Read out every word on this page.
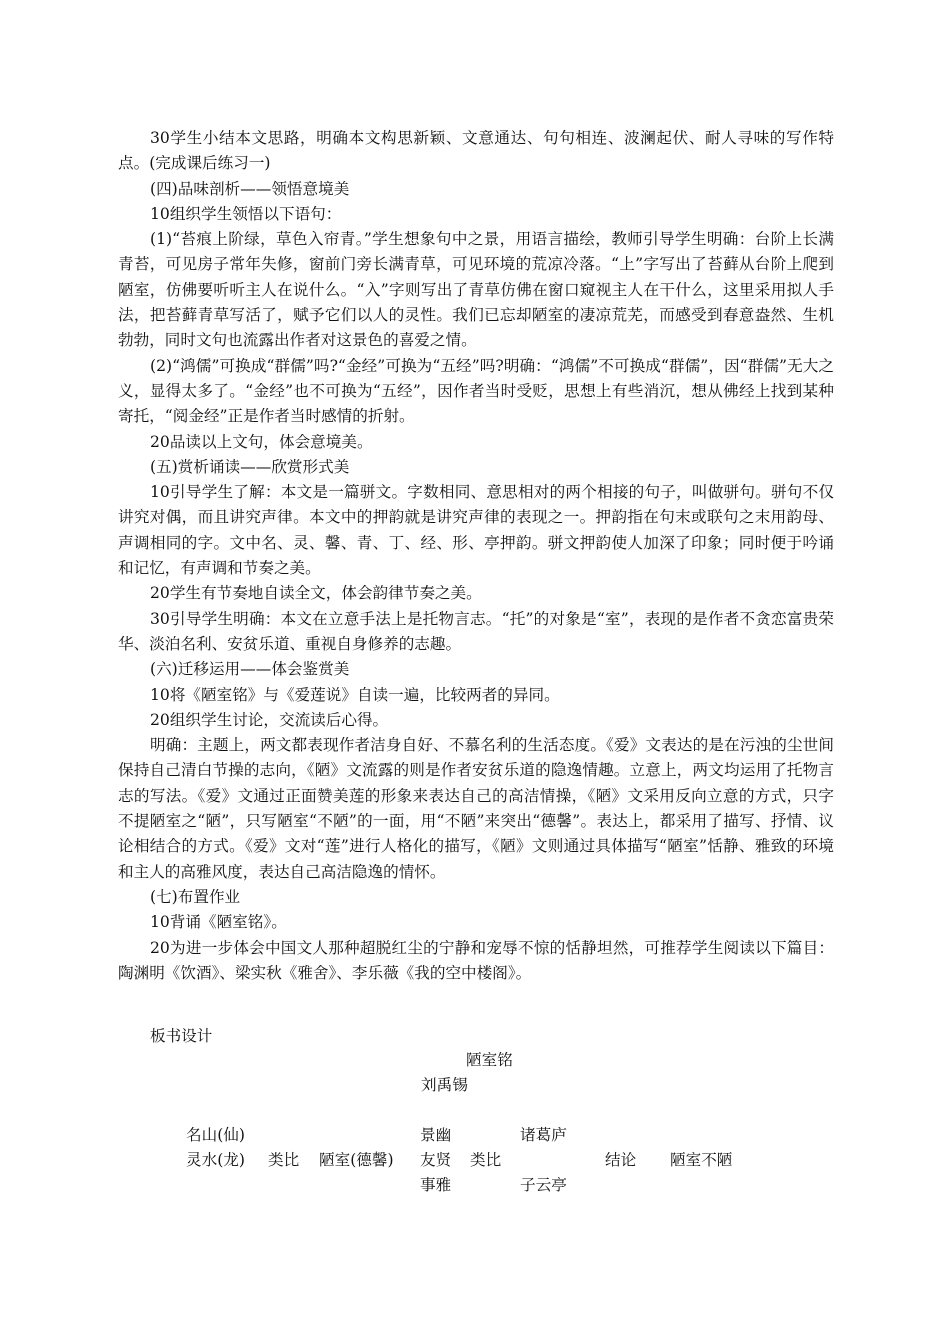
30学生小结本文思路，明确本文构思新颖、文意通达、句句相连、波澜起伏、耐人寻味的写作特点。(完成课后练习一)

(四)品味剖析——领悟意境美

10组织学生领悟以下语句：

(1)“苔痕上阶绿，草色入帘青。”学生想象句中之景，用语言描绘，教师引导学生明确：台阶上长满青苔，可见房子常年失修，窗前门旁长满青草，可见环境的荒凉冷落。“上”字写出了苔藓从台阶上爬到陋室，仿佛要听听主人在说什么。“入”字则写出了青草仿佛在窗口窥视主人在干什么，这里采用拟人手法，把苔藓青草写活了，赋予它们以人的灵性。我们已忘却陋室的凄凉荒芜，而感受到春意盎然、生机勃勃，同时文句也流露出作者对这景色的喜爱之情。

(2)“鸿儒”可换成“群儒”吗?“金经”可换为“五经”吗?明确：“鸿儒”不可换成“群儒”，因“群儒”无大之义，显得太多了。“金经”也不可换为“五经”，因作者当时受贬，思想上有些消沉，想从佛经上找到某种寄托，“阅金经”正是作者当时感情的折射。

20品读以上文句，体会意境美。

(五)赏析诵读——欣赏形式美

10引导学生了解：本文是一篇骈文。字数相同、意思相对的两个相接的句子，叫做骈句。骈句不仅讲究对偶，而且讲究声律。本文中的押韵就是讲究声律的表现之一。押韵指在句末或联句之末用韵母、声调相同的字。文中名、灵、馨、青、丁、经、形、亭押韵。骈文押韵使人加深了印象；同时便于吟诵和记忆，有声调和节奏之美。

20学生有节奏地自读全文，体会韵律节奏之美。

30引导学生明确：本文在立意手法上是托物言志。“托”的对象是“室”，表现的是作者不贪恋富贵荣华、淡泊名利、安贫乐道、重视自身修养的志趣。

(六)迁移运用——体会鉴赏美

10将《陋室铭》与《爱莲说》自读一遍，比较两者的异同。

20组织学生讨论，交流读后心得。

明确：主题上，两文都表现作者洁身自好、不慕名利的生活态度。《爱》文表达的是在污浊的尘世间保持自己清白节操的志向，《陋》文流露的则是作者安贫乐道的隐逸情趣。立意上，两文均运用了托物言志的写法。《爱》文通过正面赞美莲的形象来表达自己的高洁情操，《陋》文采用反向立意的方式，只字不提陋室之“陋”，只写陋室“不陋”的一面，用“不陋”来突出“德馨”。表达上，都采用了描写、抒情、议论相结合的方式。《爱》文对“莲”进行人格化的描写，《陋》文则通过具体描写“陋室”恬静、雅致的环境和主人的高雅风度，表达自己高洁隐逸的情怀。

(七)布置作业

10背诵《陋室铭》。

20为进一步体会中国文人那种超脱红尘的宁静和宠辱不惊的恬静坦然，可推荐学生阅读以下篇目：陶渊明《饮酒》、梁实秋《雅舍》、李乐薇《我的空中楼阁》。

板书设计
陋室铭
刘禹锡
名山(仙)
灵水(龙) 类比 陋室(德馨)
景幽
友贤
事雅
类比
诸葛庐
子云亭
结论 陋室不陋
